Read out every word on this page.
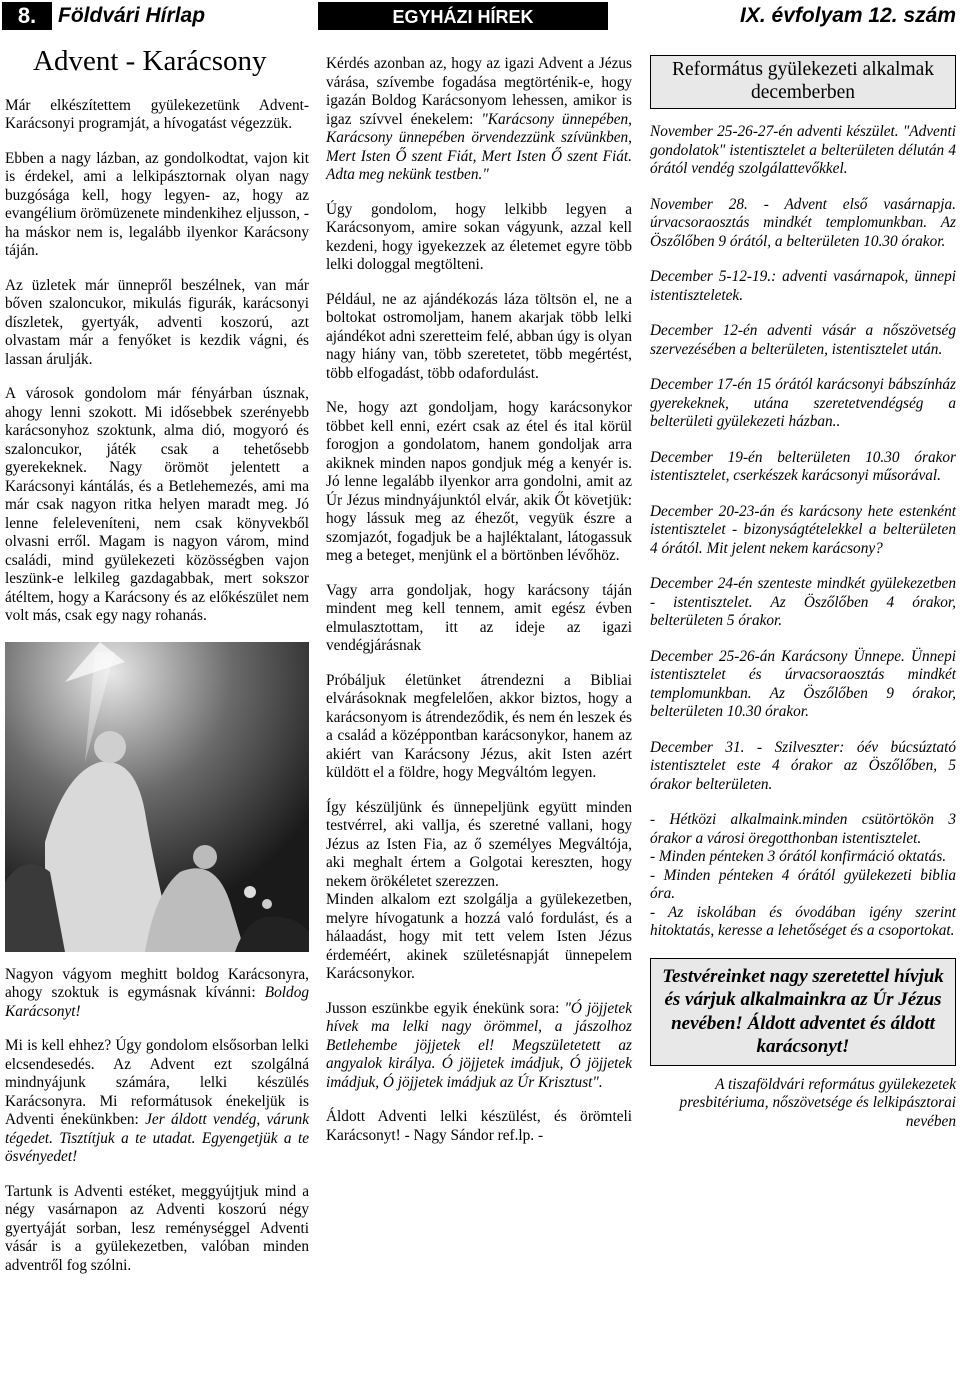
8.	Földvári Hírlap	EGYHÁZI HÍREK	IX. évfolyam 12. szám
Advent - Karácsony

Már elkészítettem gyülekezetünk Advent-Karácsonyi programját, a hívogatást végezzük.

Ebben a nagy lázban, az gondolkodtat, vajon kit is érdekel, ami a lelkipásztornak olyan nagy buzgósága kell, hogy legyen- az, hogy az evangélium örömüzenete mindenkihez eljusson, - ha máskor nem is, legalább ilyenkor Karácsony táján.

Az üzletek már ünnepről beszélnek, van már bőven szaloncukor, mikulás figurák, karácsonyi díszletek, gyertyák, adventi koszorú, azt olvastam már a fenyőket is kezdik vágni, és lassan árulják.

A városok gondolom már fényárban úsznak, ahogy lenni szokott. Mi idősebbek szerényebb karácsonyhoz szoktunk, alma dió, mogyoró és szaloncukor, játék csak a tehetősebb gyerekeknek. Nagy örömöt jelentett a Karácsonyi kántálás, és a Betlehemezés, ami ma már csak nagyon ritka helyen maradt meg. Jó lenne feleleveníteni, nem csak könyvekből olvasni erről. Magam is nagyon várom, mind családi, mind gyülekezeti közösségben vajon leszünk-e lelkileg gazdagabbak, mert sokszor átéltem, hogy a Karácsony és az előkészület nem volt más, csak egy nagy rohanás.

Nagyon vágyom meghitt boldog Karácsonyra, ahogy szoktuk is egymásnak kívánni: Boldog Karácsonyt!

Mi is kell ehhez? Úgy gondolom elsősorban lelki elcsendesedés. Az Advent ezt szolgálná mindnyájunk számára, lelki készülés Karácsonyra. Mi reformátusok énekeljük is Adventi énekünkben: Jer áldott vendég, várunk tégedet. Tisztítjuk a te utadat. Egyengetjük a te ösvényedet!

Tartunk is Adventi estéket, meggyújtjuk mind a négy vasárnapon az Adventi koszorú négy gyertyáját sorban, lesz reménységgel Adventi vásár is a gyülekezetben, valóban minden adventről fog szólni.

Kérdés azonban az, hogy az igazi Advent a Jézus várása, szívembe fogadása megtörténik-e, hogy igazán Boldog Karácsonyom lehessen, amikor is igaz szívvel énekelem: "Karácsony ünnepében, Karácsony ünnepében örvendezzünk szívünkben, Mert Isten Ő szent Fiát, Mert Isten Ő szent Fiát. Adta meg nekünk testben."

Úgy gondolom, hogy lelkibb legyen a Karácsonyom, amire sokan vágyunk, azzal kell kezdeni, hogy igyekezzek az életemet egyre több lelki dologgal megtölteni.

Például, ne az ajándékozás láza töltsön el, ne a boltokat ostromoljam, hanem akarjak több lelki ajándékot adni szeretteim felé, abban úgy is olyan nagy hiány van, több szeretetet, több megértést, több elfogadást, több odafordulást.

Ne, hogy azt gondoljam, hogy karácsonykor többet kell enni, ezért csak az étel és ital körül forogjon a gondolatom, hanem gondoljak arra akiknek minden napos gondjuk még a kenyér is. Jó lenne legalább ilyenkor arra gondolni, amit az Úr Jézus mindnyájunktól elvár, akik Őt követjük: hogy lássuk meg az éhezőt, vegyük észre a szomjazót, fogadjuk be a hajléktalant, látogassuk meg a beteget, menjünk el a börtönben lévőhöz.

Vagy arra gondoljak, hogy karácsony táján mindent meg kell tennem, amit egész évben elmulasztottam, itt az ideje az igazi vendégjárásnak

Próbáljuk életünket átrendezni a Bibliai elvárásoknak megfelelően, akkor biztos, hogy a karácsonyom is átrendeződik, és nem én leszek és a család a középpontban karácsonykor, hanem az akiért van Karácsony Jézus, akit Isten azért küldött el a földre, hogy Megváltóm legyen.

Így készüljünk és ünnepeljünk együtt minden testvérrel, aki vallja, és szeretné vallani, hogy Jézus az Isten Fia, az ő személyes Megváltója, aki meghalt értem a Golgotai kereszten, hogy nekem örökéletet szerezzen.

Minden alkalom ezt szolgálja a gyülekezetben, melyre hívogatunk a hozzá való fordulást, és a hálaadást, hogy mit tett velem Isten Jézus érdeméért, akinek születésnapját ünnepelem Karácsonykor.

Jusson eszünkbe egyik énekünk sora: "Ó jöjjetek hívek ma lelki nagy örömmel, a jászolhoz Betlehembe jöjjetek el! Megszületetett az angyalok királya. Ó jöjjetek imádjuk, Ó jöjjetek imádjuk, Ó jöjjetek imádjuk az Úr Krisztust".

Áldott Adventi lelki készülést, és örömteli Karácsonyt! - Nagy Sándor ref.lp. -

Református gyülekezeti alkalmak decemberben

November 25-26-27-én adventi készület. "Adventi gondolatok" istentisztelet a belterületen délután 4 órától vendég szolgálattevőkkel.

November 28. - Advent első vasárnapja. úrvacsoraosztás mindkét templomunkban. Az Öszőlőben 9 órától, a belterületen 10.30 órakor.

December 5-12-19.: adventi vasárnapok, ünnepi istentiszteletek.

December 12-én adventi vásár a nőszövetség szervezésében a belterületen, istentisztelet után.

December 17-én 15 órától karácsonyi bábszínház gyerekeknek, utána szeretetvendégség a belterületi gyülekezeti házban..

December 19-én belterületen 10.30 órakor istentisztelet, cserkészek karácsonyi műsorával.

December 20-23-án és karácsony hete estenként istentisztelet - bizonyságtételekkel a belterületen 4 órától. Mit jelent nekem karácsony?

December 24-én szenteste mindkét gyülekezetben - istentisztelet. Az Öszőlőben 4 órakor, belterületen 5 órakor.

December 25-26-án Karácsony Ünnepe. Ünnepi istentisztelet és úrvacsoraosztás mindkét templomunkban. Az Öszőlőben 9 órakor, belterületen 10.30 órakor.

December 31. - Szilveszter: óév búcsúztató istentisztelet este 4 órakor az Öszőlőben, 5 órakor belterületen.

- Hétközi alkalmaink.minden csütörtökön 3 órakor a városi öregotthonban istentisztelet.
- Minden pénteken 3 órától konfirmáció oktatás.
- Minden pénteken 4 órától gyülekezeti biblia óra.
- Az iskolában és óvodában igény szerint hitoktatás, keresse a lehetőséget és a csoportokat.

Testvéreinket nagy szeretettel hívjuk és várjuk alkalmainkra az Úr Jézus nevében! Áldott adventet és áldott karácsonyt!

A tiszaföldvári református gyülekezetek presbitériuma, nőszövetsége és lelkipásztorai nevében
